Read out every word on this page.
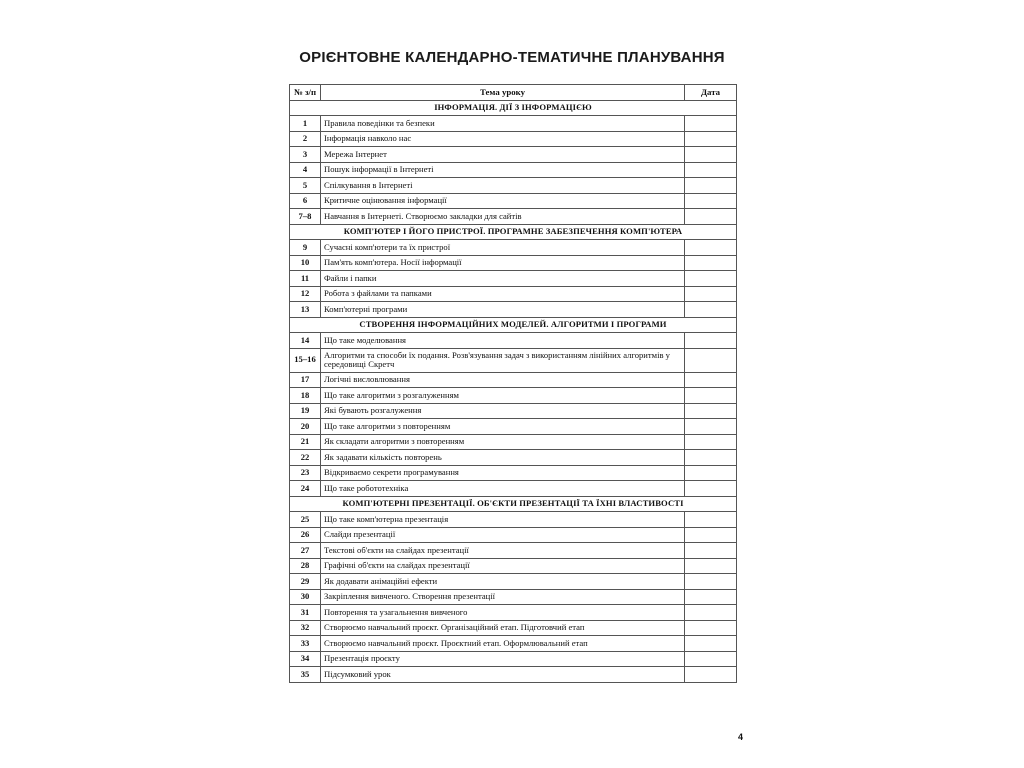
ОРІЄНТОВНЕ КАЛЕНДАРНО-ТЕМАТИЧНЕ ПЛАНУВАННЯ
№ з/п	Тема уроку	Дата
ІНФОРМАЦІЯ. ДІЇ З ІНФОРМАЦІЄЮ		
1	Правила поведінки та безпеки	
2	Інформація навколо нас	
3	Мережа Інтернет	
4	Пошук інформації в Інтернеті	
5	Спілкування в Інтернеті	
6	Критичне оцінювання інформації	
7–8	Навчання в Інтернеті. Створюємо закладки для сайтів	
КОМП'ЮТЕР І ЙОГО ПРИСТРОЇ. ПРОГРАМНЕ ЗАБЕЗПЕЧЕННЯ КОМП'ЮТЕРА		
9	Сучасні комп'ютери та їх пристрої	
10	Пам'ять комп'ютера. Носії інформації	
11	Файли і папки	
12	Робота з файлами та папками	
13	Комп'ютерні програми	
СТВОРЕННЯ ІНФОРМАЦІЙНИХ МОДЕЛЕЙ. АЛГОРИТМИ І ПРОГРАМИ		
14	Що таке моделювання	
15–16	Алгоритми та способи їх подання. Розв'язування задач з використанням лінійних алгоритмів у середовищі Скретч	
17	Логічні висловлювання	
18	Що таке алгоритми з розгалуженням	
19	Які бувають розгалуження	
20	Що таке алгоритми з повторенням	
21	Як складати алгоритми з повторенням	
22	Як задавати кількість повторень	
23	Відкриваємо секрети програмування	
24	Що таке робототехніка	
КОМП'ЮТЕРНІ ПРЕЗЕНТАЦІЇ. ОБ'ЄКТИ ПРЕЗЕНТАЦІЇ ТА ЇХНІ ВЛАСТИВОСТІ		
25	Що таке комп'ютерна презентація	
26	Слайди презентації	
27	Текстові об'єкти на слайдах презентації	
28	Графічні об'єкти на слайдах презентації	
29	Як додавати анімаційні ефекти	
30	Закріплення вивченого. Створення презентації	
31	Повторення та узагальнення вивченого	
32	Створюємо навчальний проєкт. Організаційний етап. Підготовчий етап	
33	Створюємо навчальний проєкт. Проєктний етап. Оформлювальний етап	
34	Презентація проєкту	
35	Підсумковий урок	
4
